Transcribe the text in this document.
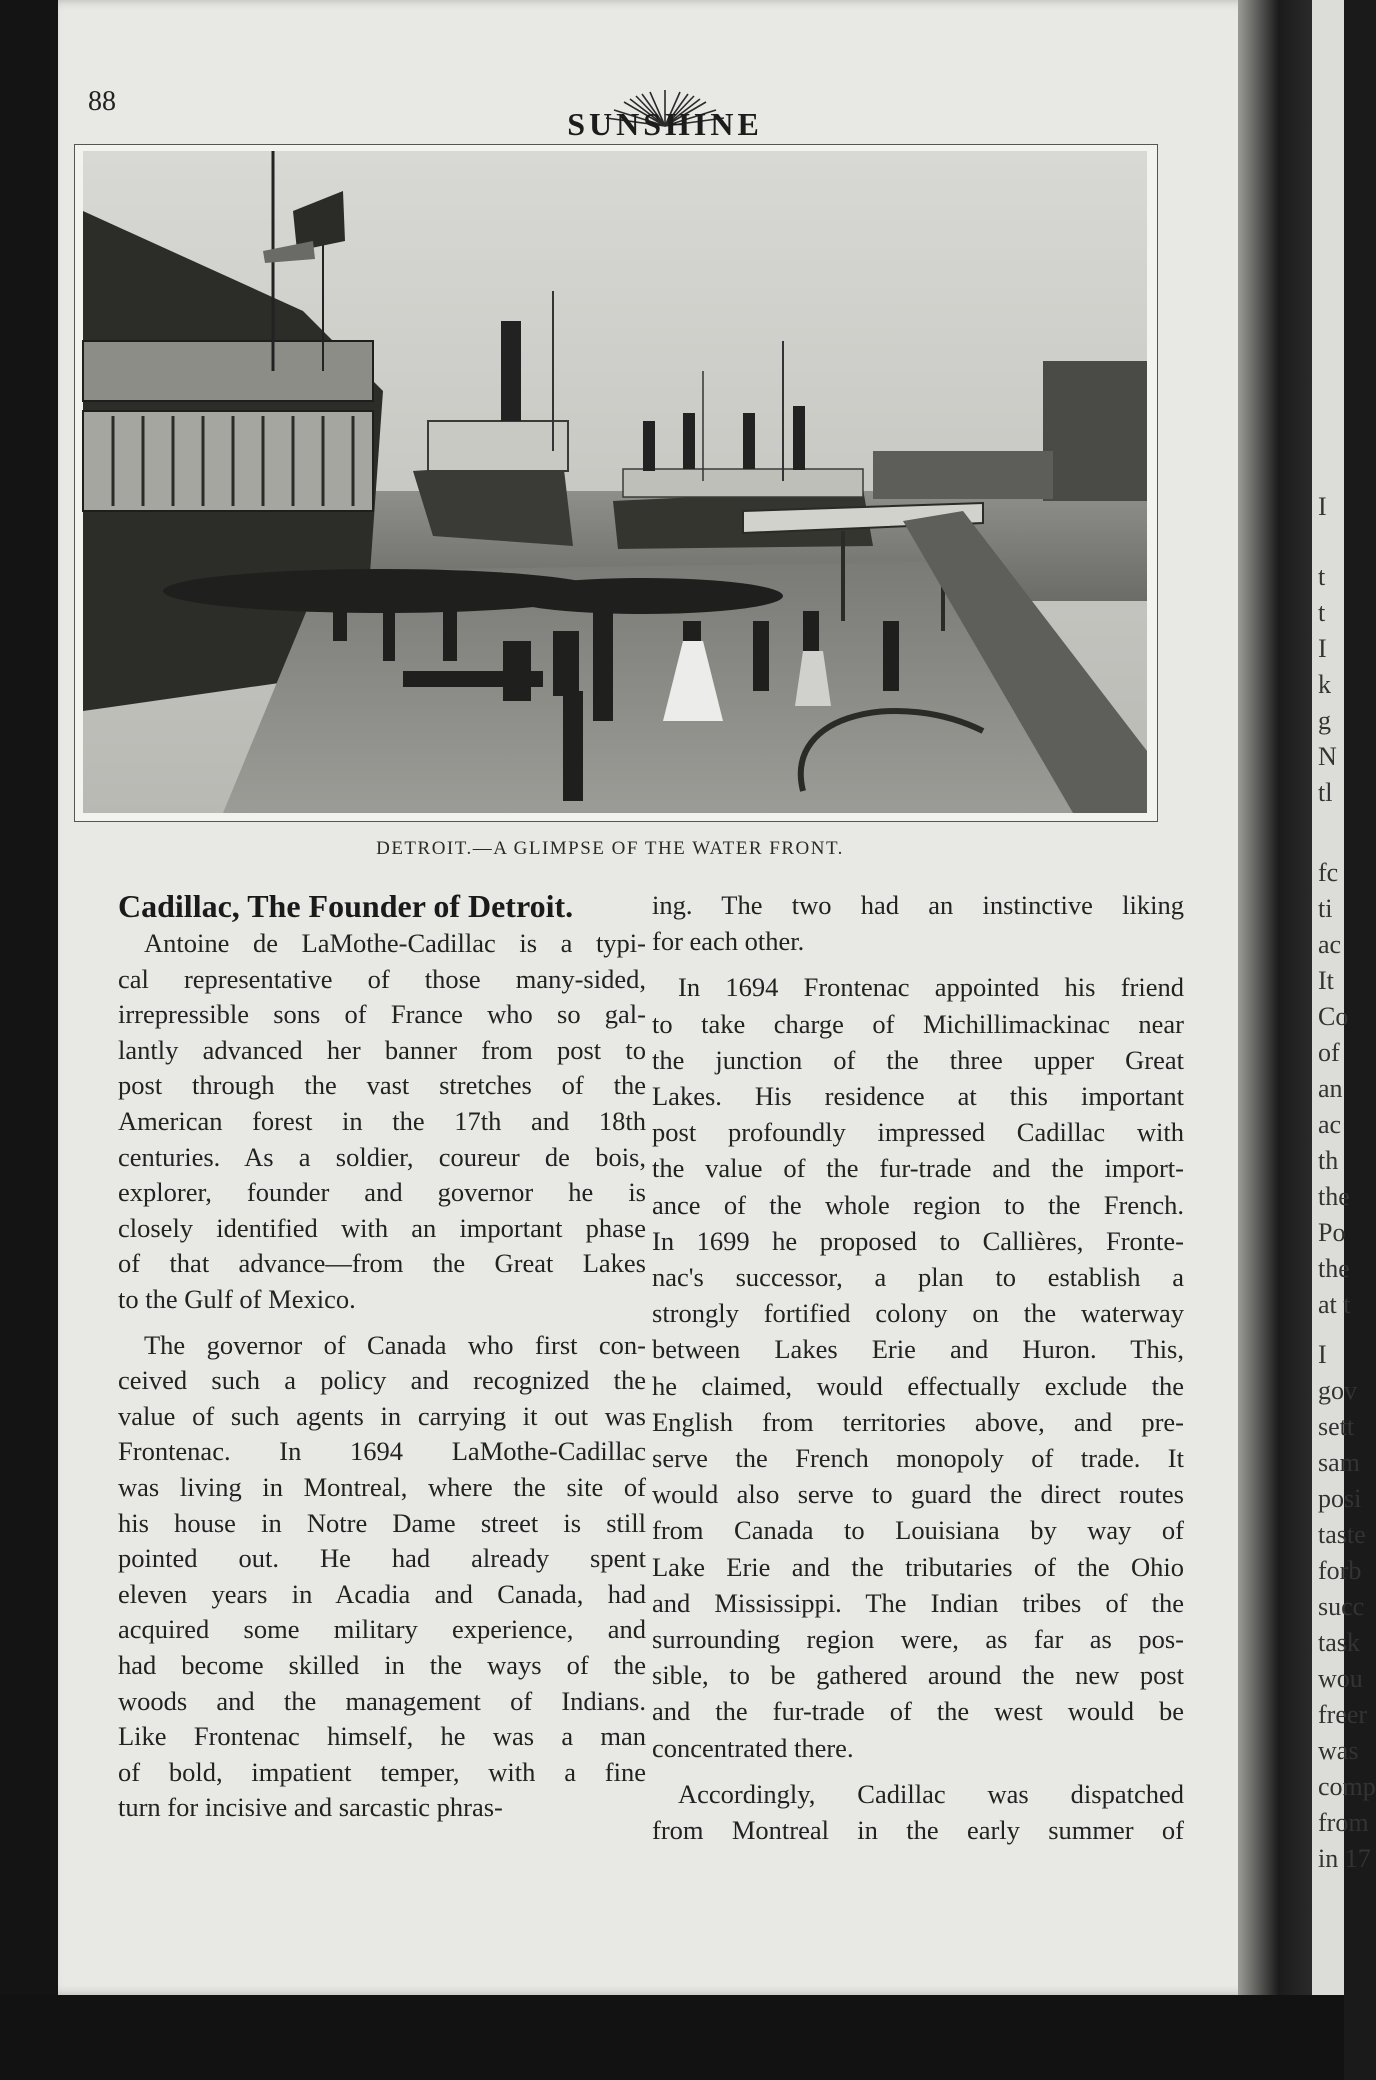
I
t
t
I
k
g
N
tl
fc
ti
ac
It
Co
of
an
ac
th
the
Po
the
at t
I
gov
sett
sam
posi
taste
forb
succ
task
wou
freer
was
comp
from
in 17
88
SUNSHINE
DETROIT.—A GLIMPSE OF THE WATER FRONT.
Cadillac, The Founder of Detroit.
Antoine de LaMothe-Cadillac is a typi-
cal representative of those many-sided,
irrepressible sons of France who so gal-
lantly advanced her banner from post to
post through the vast stretches of the
American forest in the 17th and 18th
centuries. As a soldier, coureur de bois,
explorer, founder and governor he is
closely identified with an important phase
of that advance—from the Great Lakes
to the Gulf of Mexico.
The governor of Canada who first con-
ceived such a policy and recognized the
value of such agents in carrying it out was
Frontenac. In 1694 LaMothe-Cadillac
was living in Montreal, where the site of
his house in Notre Dame street is still
pointed out. He had already spent
eleven years in Acadia and Canada, had
acquired some military experience, and
had become skilled in the ways of the
woods and the management of Indians.
Like Frontenac himself, he was a man
of bold, impatient temper, with a fine
turn for incisive and sarcastic phras-
ing. The two had an instinctive liking
for each other.
In 1694 Frontenac appointed his friend
to take charge of Michillimackinac near
the junction of the three upper Great
Lakes. His residence at this important
post profoundly impressed Cadillac with
the value of the fur-trade and the import-
ance of the whole region to the French.
In 1699 he proposed to Callières, Fronte-
nac's successor, a plan to establish a
strongly fortified colony on the waterway
between Lakes Erie and Huron. This,
he claimed, would effectually exclude the
English from territories above, and pre-
serve the French monopoly of trade. It
would also serve to guard the direct routes
from Canada to Louisiana by way of
Lake Erie and the tributaries of the Ohio
and Mississippi. The Indian tribes of the
surrounding region were, as far as pos-
sible, to be gathered around the new post
and the fur-trade of the west would be
concentrated there.
Accordingly, Cadillac was dispatched
from Montreal in the early summer of
